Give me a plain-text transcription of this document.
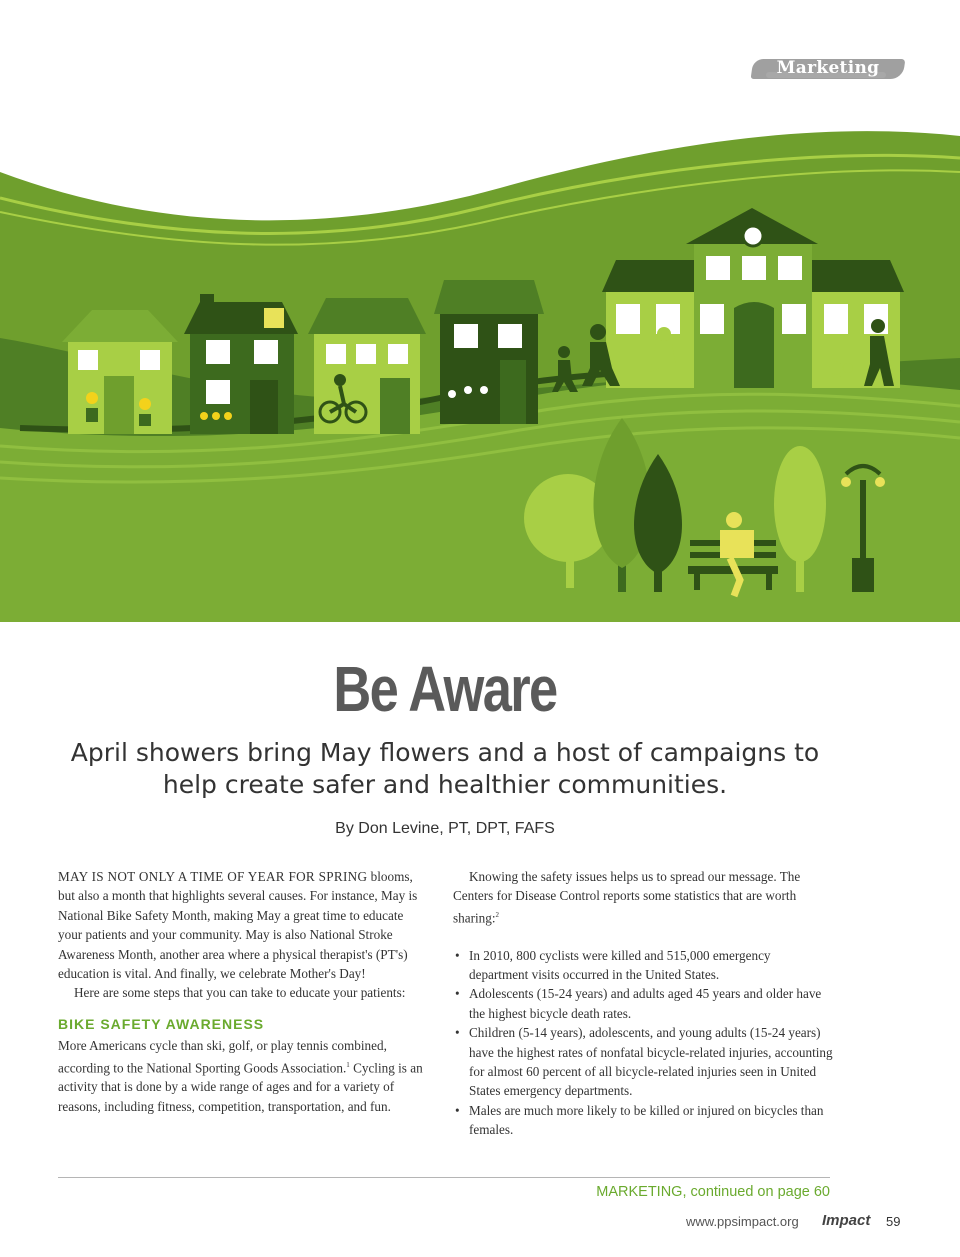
Marketing
Be Aware

April showers bring May flowers and a host of campaigns to help create safer and healthier communities.

By Don Levine, PT, DPT, FAFS

MAY IS NOT ONLY A TIME OF YEAR FOR SPRING blooms, but also a month that highlights several causes. For instance, May is National Bike Safety Month, making May a great time to educate your patients and your community. May is also National Stroke Awareness Month, another area where a physical therapist's (PT's) education is vital. And finally, we celebrate Mother's Day!

Here are some steps that you can take to educate your patients:

BIKE SAFETY AWARENESS

More Americans cycle than ski, golf, or play tennis combined, according to the National Sporting Goods Association.$^1$ Cycling is an activity that is done by a wide range of ages and for a variety of reasons, including fitness, competition, transportation, and fun.

Knowing the safety issues helps us to spread our message. The Centers for Disease Control reports some statistics that are worth sharing:$^2$

• In 2010, 800 cyclists were killed and 515,000 emergency department visits occurred in the United States.
• Adolescents (15-24 years) and adults aged 45 years and older have the highest bicycle death rates.
• Children (5-14 years), adolescents, and young adults (15-24 years) have the highest rates of nonfatal bicycle-related injuries, accounting for almost 60 percent of all bicycle-related injuries seen in United States emergency departments.
• Males are much more likely to be killed or injured on bicycles than females.
MARKETING, continued on page 60
www.ppsimpact.org Impact 59
